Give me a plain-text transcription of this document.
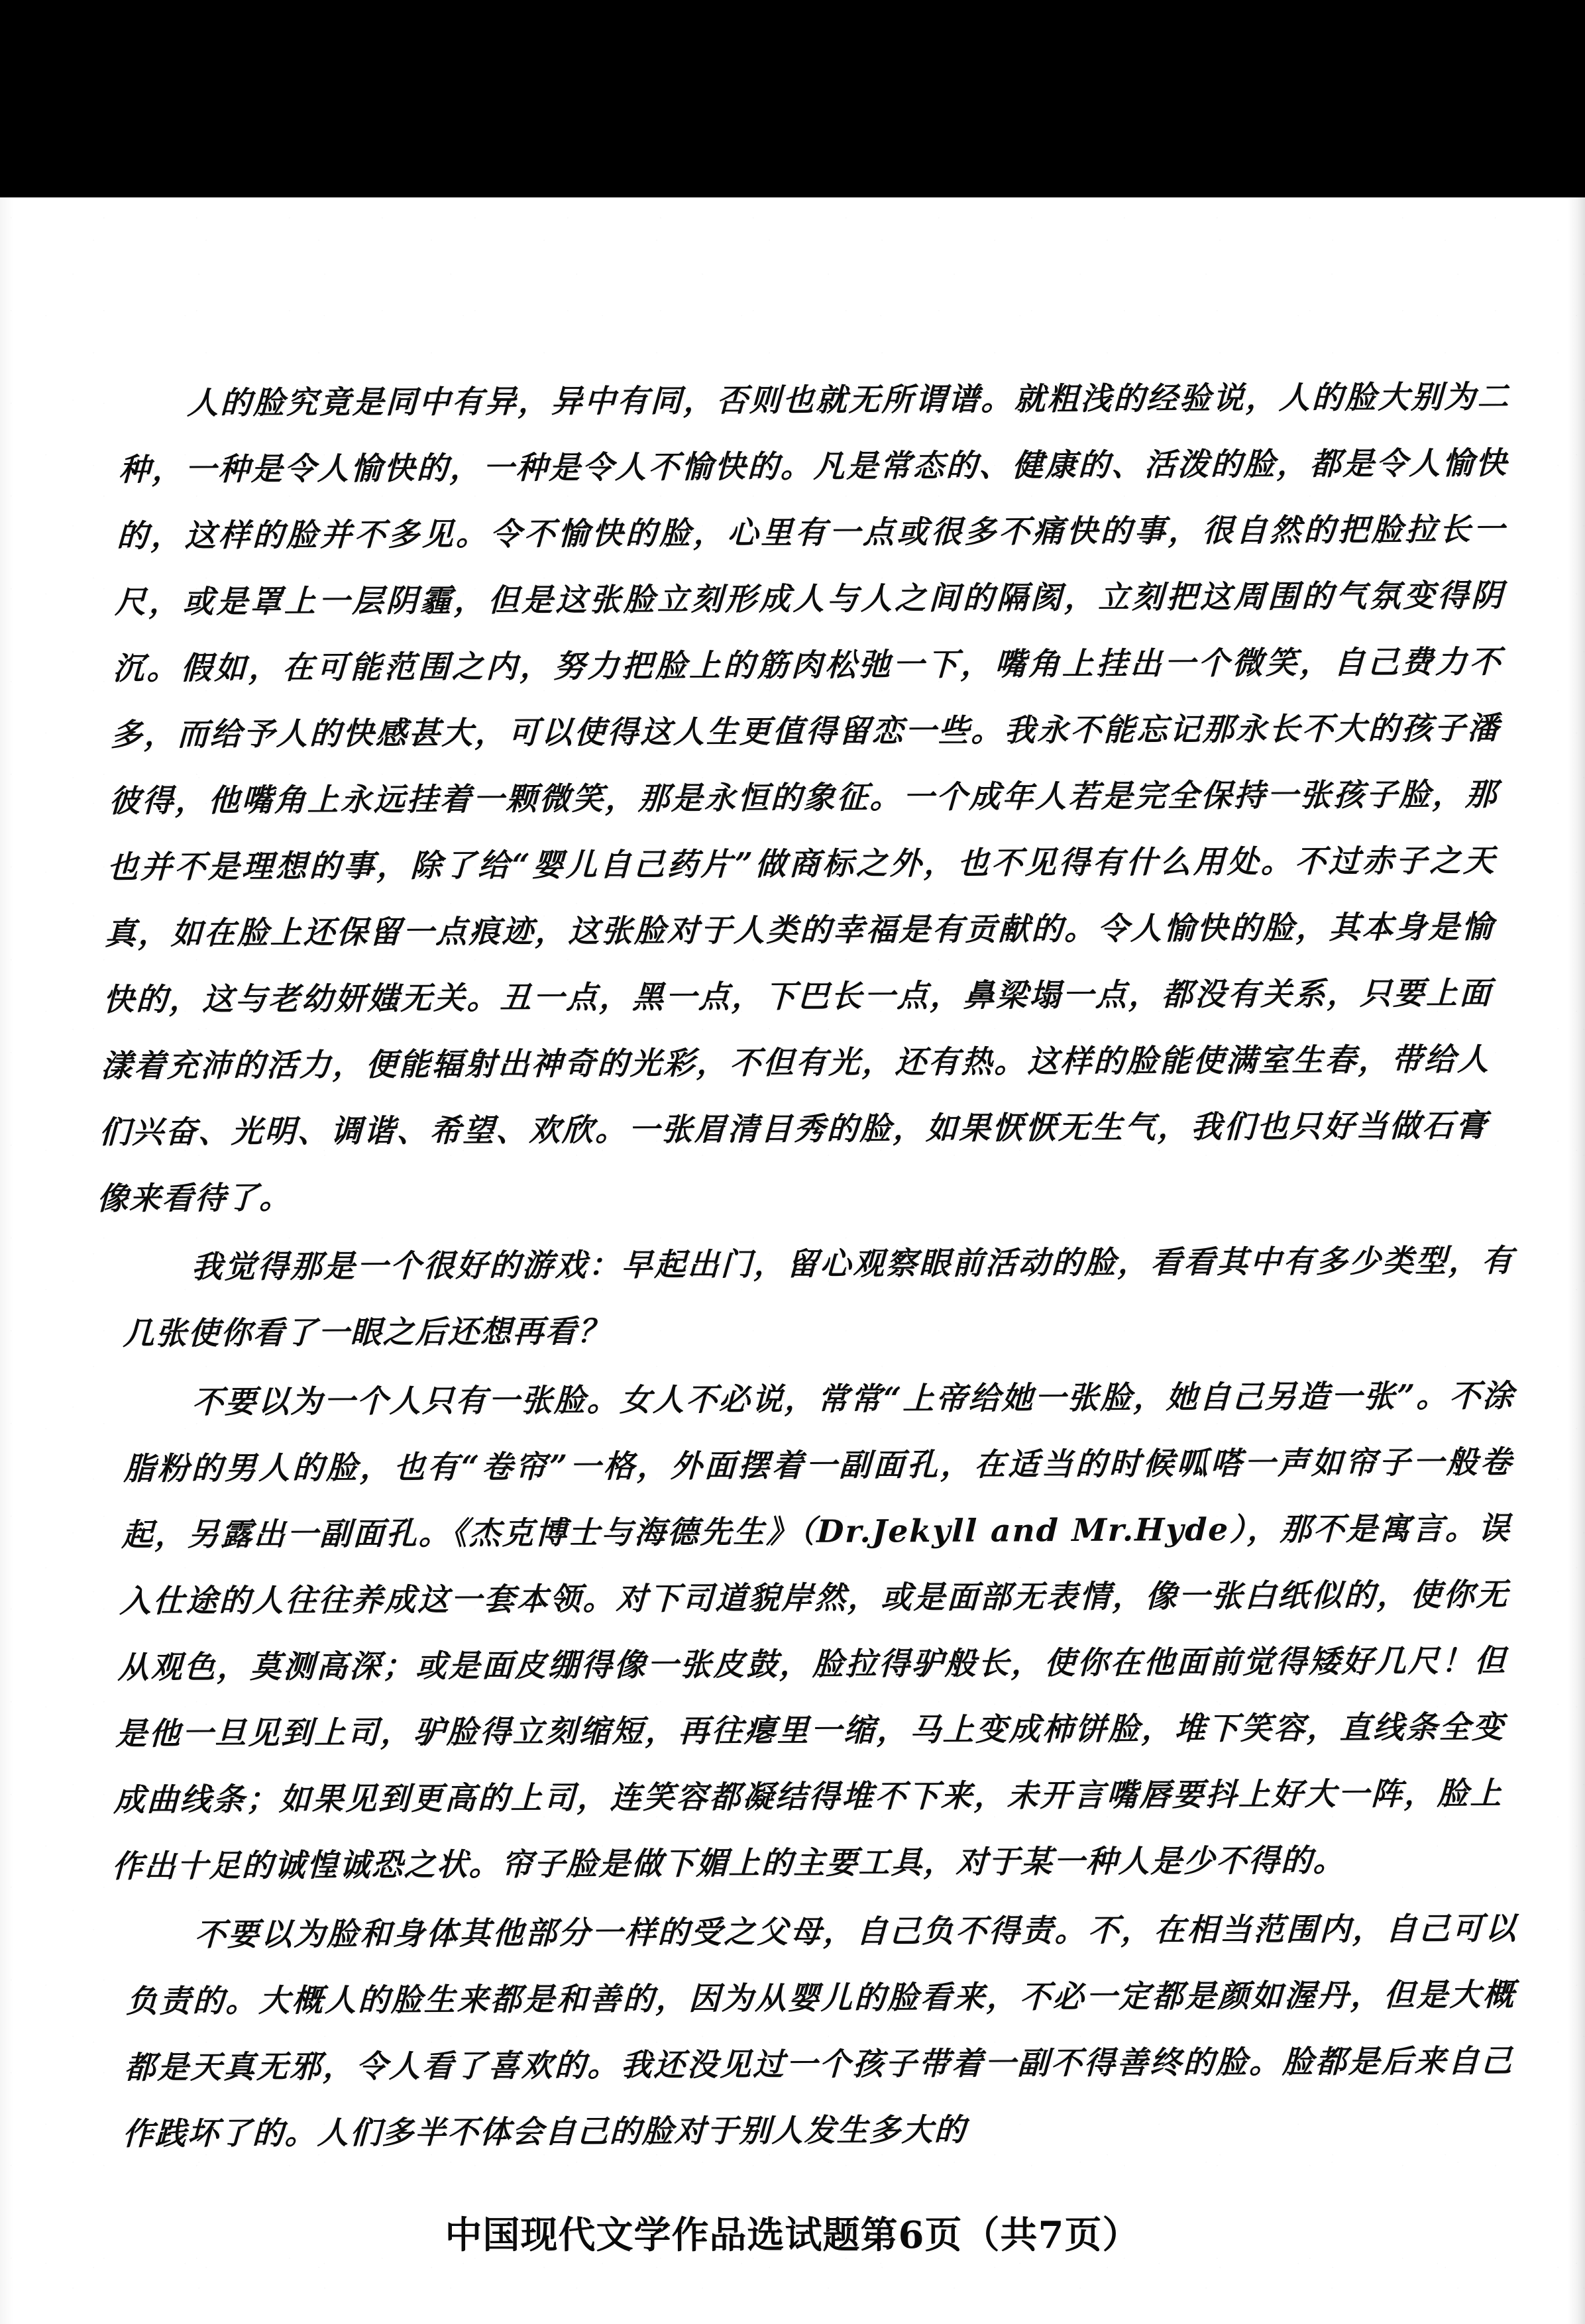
人的脸究竟是同中有异，异中有同，否则也就无所谓谱。就粗浅的经验说，人的脸大别为二种，一种是令人愉快的，一种是令人不愉快的。凡是常态的、健康的、活泼的脸，都是令人愉快的，这样的脸并不多见。令不愉快的脸，心里有一点或很多不痛快的事，很自然的把脸拉长一尺，或是罩上一层阴霾，但是这张脸立刻形成人与人之间的隔阂，立刻把这周围的气氛变得阴沉。假如，在可能范围之内，努力把脸上的筋肉松弛一下，嘴角上挂出一个微笑，自己费力不多，而给予人的快感甚大，可以使得这人生更值得留恋一些。我永不能忘记那永长不大的孩子潘彼得，他嘴角上永远挂着一颗微笑，那是永恒的象征。一个成年人若是完全保持一张孩子脸，那也并不是理想的事，除了给“婴儿自己药片”做商标之外，也不见得有什么用处。不过赤子之天真，如在脸上还保留一点痕迹，这张脸对于人类的幸福是有贡献的。令人愉快的脸，其本身是愉快的，这与老幼妍媸无关。丑一点，黑一点，下巴长一点，鼻梁塌一点，都没有关系，只要上面漾着充沛的活力，便能辐射出神奇的光彩，不但有光，还有热。这样的脸能使满室生春，带给人们兴奋、光明、调谐、希望、欢欣。一张眉清目秀的脸，如果恹恹无生气，我们也只好当做石膏像来看待了。

我觉得那是一个很好的游戏：早起出门，留心观察眼前活动的脸，看看其中有多少类型，有几张使你看了一眼之后还想再看？

不要以为一个人只有一张脸。女人不必说，常常“上帝给她一张脸，她自己另造一张”。不涂脂粉的男人的脸，也有“卷帘”一格，外面摆着一副面孔，在适当的时候呱嗒一声如帘子一般卷起，另露出一副面孔。《杰克博士与海德先生》（Dr.Jekyll and Mr.Hyde），那不是寓言。误入仕途的人往往养成这一套本领。对下司道貌岸然，或是面部无表情，像一张白纸似的，使你无从观色，莫测高深；或是面皮绷得像一张皮鼓，脸拉得驴般长，使你在他面前觉得矮好几尺！但是他一旦见到上司，驴脸得立刻缩短，再往瘪里一缩，马上变成柿饼脸，堆下笑容，直线条全变成曲线条；如果见到更高的上司，连笑容都凝结得堆不下来，未开言嘴唇要抖上好大一阵，脸上作出十足的诚惶诚恐之状。帘子脸是做下媚上的主要工具，对于某一种人是少不得的。

不要以为脸和身体其他部分一样的受之父母，自己负不得责。不，在相当范围内，自己可以负责的。大概人的脸生来都是和善的，因为从婴儿的脸看来，不必一定都是颜如渥丹，但是大概都是天真无邪，令人看了喜欢的。我还没见过一个孩子带着一副不得善终的脸。脸都是后来自己作践坏了的。人们多半不体会自己的脸对于别人发生多大的

中国现代文学作品选试题第6页（共7页）
